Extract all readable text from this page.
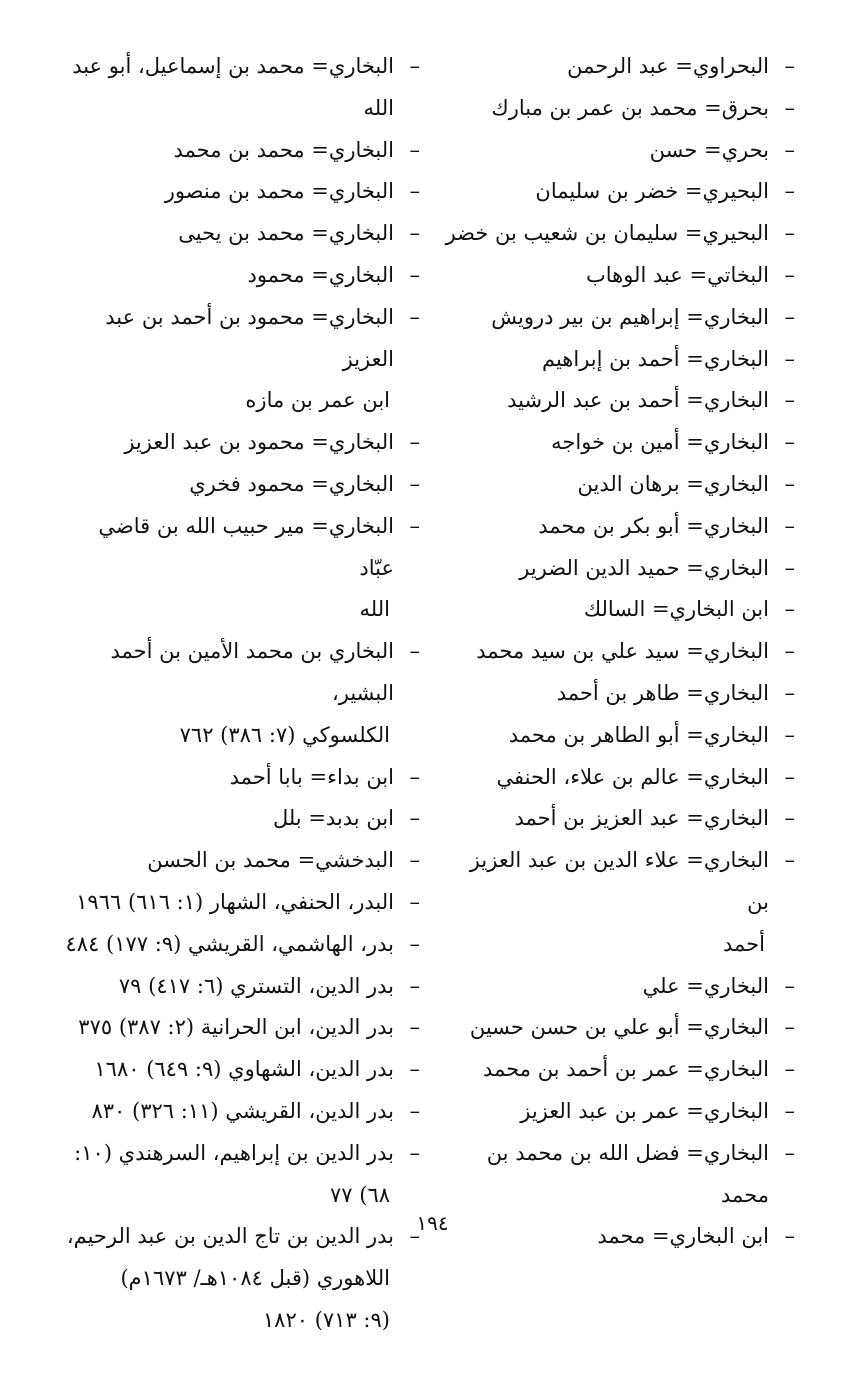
–
البحراوي= عبد الرحمن
–
بحرق= محمد بن عمر بن مبارك
–
بحري= حسن
–
البحيري= خضر بن سليمان
–
البحيري= سليمان بن شعيب بن خضر
–
البخاتي= عبد الوهاب
–
البخاري= إبراهيم بن بير درويش
–
البخاري= أحمد بن إبراهيم
–
البخاري= أحمد بن عبد الرشيد
–
البخاري= أمين بن خواجه
–
البخاري= برهان الدين
–
البخاري= أبو بكر بن محمد
–
البخاري= حميد الدين الضرير
–
ابن البخاري= السالك
–
البخاري= سيد علي بن سيد محمد
–
البخاري= طاهر بن أحمد
–
البخاري= أبو الطاهر بن محمد
–
البخاري= عالم بن علاء، الحنفي
–
البخاري= عبد العزيز بن أحمد
–
البخاري= علاء الدين بن عبد العزيز بن
أحمد
–
البخاري= علي
–
البخاري= أبو علي بن حسن حسين
–
البخاري= عمر بن أحمد بن محمد
–
البخاري= عمر بن عبد العزيز
–
البخاري= فضل الله بن محمد بن محمد
–
ابن البخاري= محمد
–
البخاري= محمد بن إسماعيل، أبو عبد الله
–
البخاري= محمد بن محمد
–
البخاري= محمد بن منصور
–
البخاري= محمد بن يحيى
–
البخاري= محمود
–
البخاري= محمود بن أحمد بن عبد العزيز
ابن عمر بن مازه
–
البخاري= محمود بن عبد العزيز
–
البخاري= محمود فخري
–
البخاري= مير حبيب الله بن قاضي عبّاد
الله
–
البخاري بن محمد الأمين بن أحمد البشير،
الكلسوكي (٧: ٣٨٦) ٧٦٢
–
ابن بداء= بابا أحمد
–
ابن بدبد= بلل
–
البدخشي= محمد بن الحسن
–
البدر، الحنفي، الشهار (١: ٦١٦) ١٩٦٦
–
بدر، الهاشمي، القريشي (٩: ١٧٧) ٤٨٤
–
بدر الدين، التستري (٦: ٤١٧) ٧٩
–
بدر الدين، ابن الحرانية (٢: ٣٨٧) ٣٧٥
–
بدر الدين، الشهاوي (٩: ٦٤٩) ١٦٨٠
–
بدر الدين، القريشي (١١: ٣٢٦) ٨٣٠
–
بدر الدين بن إبراهيم، السرهندي (١٠:
٦٨) ٧٧
–
بدر الدين بن تاج الدين بن عبد الرحيم،
اللاهوري (قبل ١٠٨٤هـ/ ١٦٧٣م)
(٩: ٧١٣) ١٨٢٠
١٩٤
